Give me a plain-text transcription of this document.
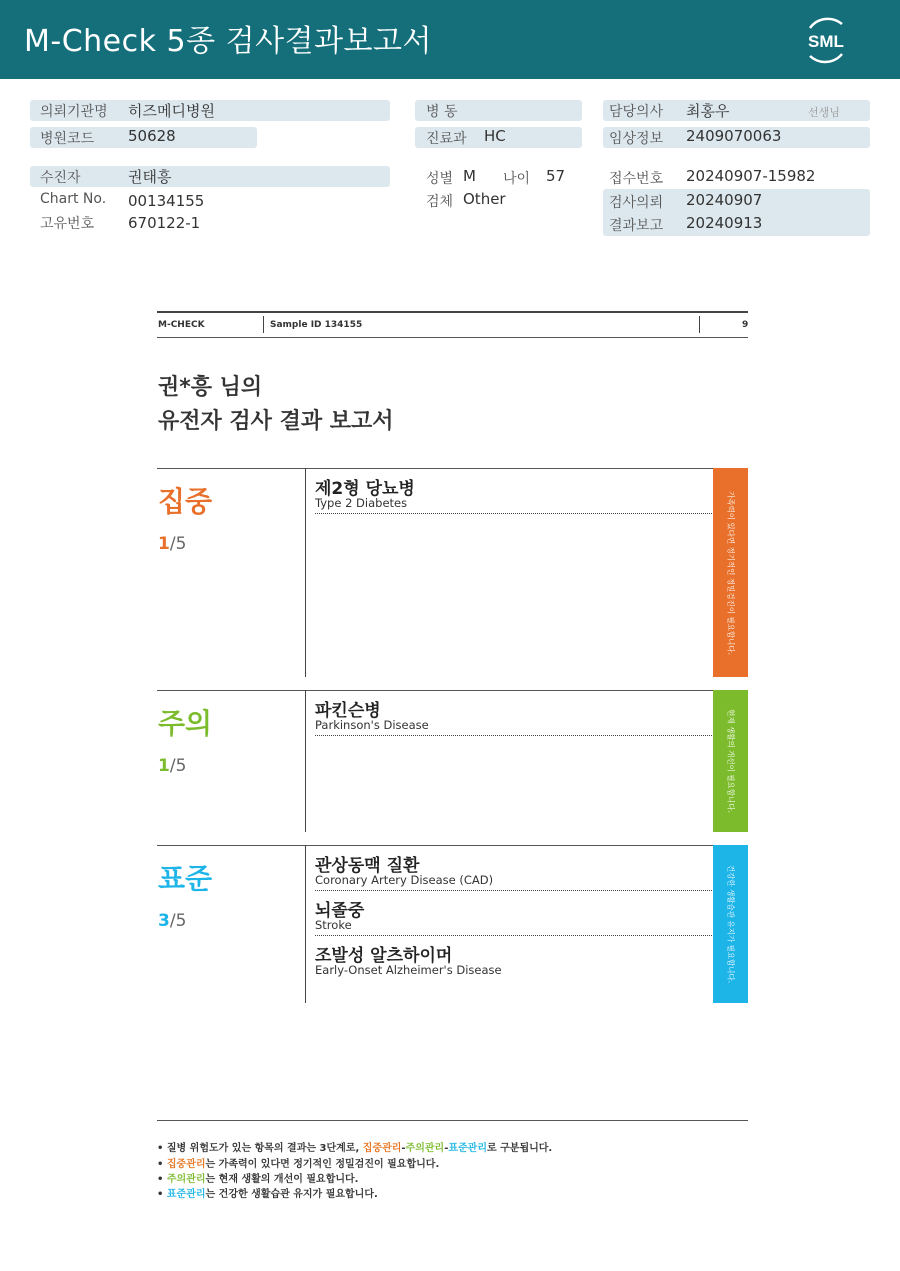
M-Check 5종 검사결과보고서	SML
의뢰기관명 히즈메디병원
병원코드 50628
수진자	권태흥
Chart No. 00134155
고유번호 670122-1
병 동
진료과 HC
성별 M 나이 57
검체 Other
담당의사 최홍우	선생님
임상정보 2409070063
접수번호 20240907-15982
검사의뢰 20240907
결과보고 20240913
M-CHECK	Sample ID 134155	9
권*흥 님의
유전자 검사 결과 보고서
집중
1/5	가족력이 있다면 정기적인 정밀검진이 필요합니다.
제2형 당뇨병
Type 2 Diabetes
주의
1/5	현재 생활의 개선이 필요합니다.
파킨슨병
Parkinson's Disease
표준
3/5	건강한 생활습관 유지가 필요합니다.
관상동맥 질환
Coronary Artery Disease (CAD)
뇌졸중
Stroke
조발성 알츠하이머
Early-Onset Alzheimer's Disease
• 질병 위험도가 있는 항목의 결과는 3단계로, 집중관리-주의관리-표준관리로 구분됩니다.
• 집중관리는 가족력이 있다면 정기적인 정밀검진이 필요합니다.
• 주의관리는 현재 생활의 개선이 필요합니다.
• 표준관리는 건강한 생활습관 유지가 필요합니다.
